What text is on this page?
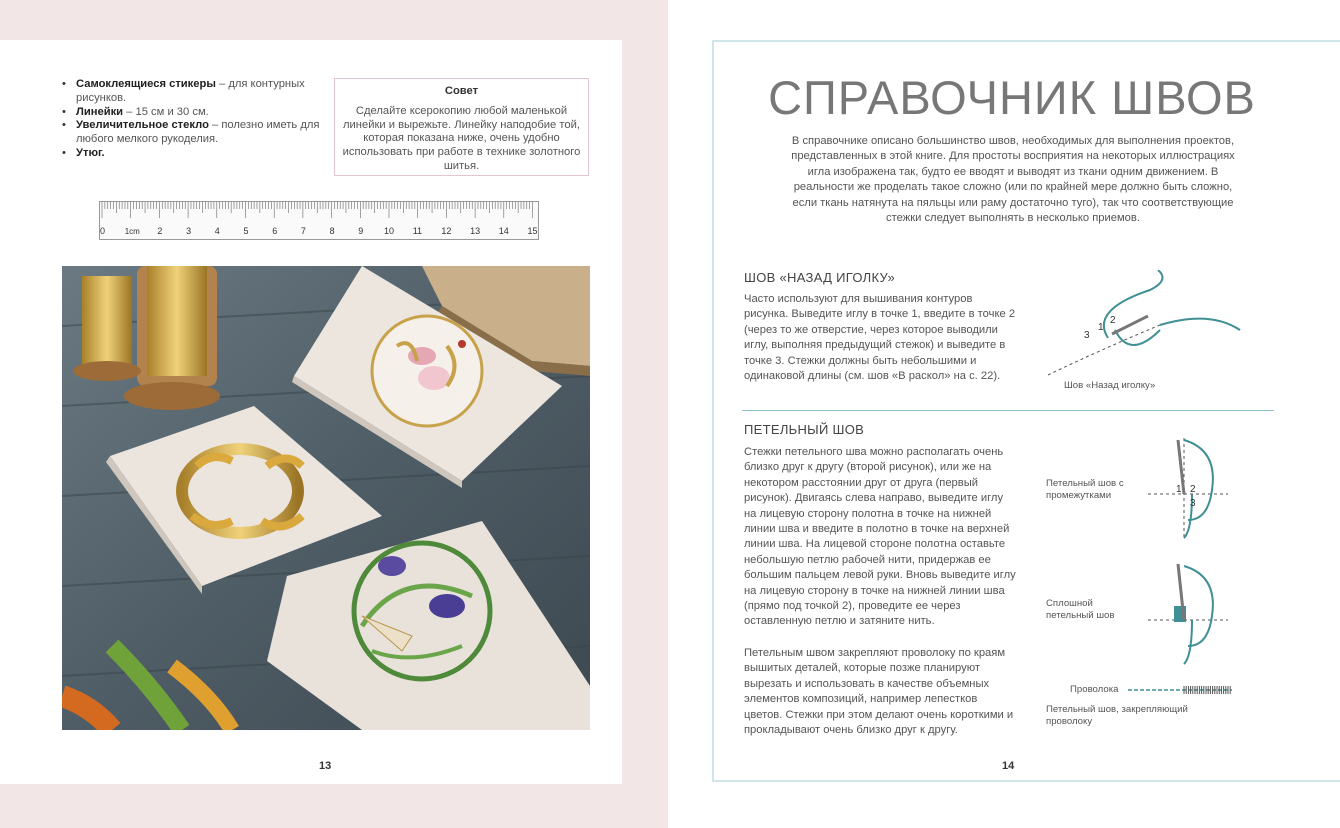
• Самоклеящиеся стикеры – для контурных рисунков.
• Линейки – 15 см и 30 см.
• Увеличительное стекло – полезно иметь для любого мелкого рукоделия.
• Утюг.
Совет
Сделайте ксерокопию любой маленькой линейки и вырежьте. Линейку наподобие той, которая показана ниже, очень удобно использовать при работе в технике золотного шитья.
0	2	3	4	5	6	7	8	9 10 11 12 13 14 15
1cm
13
СПРАВОЧНИК ШВОВ
В справочнике описано большинство швов, необходимых для выполнения проектов, представленных в этой книге. Для простоты восприятия на некоторых иллюстрациях игла изображена так, будто ее вводят и выводят из ткани одним движением. В реальности же проделать такое сложно (или по крайней мере должно быть сложно, если ткань натянута на пяльцы или раму достаточно туго), так что соответствующие стежки следует выполнять в несколько приемов.
ШОВ «НАЗАД ИГОЛКУ»
Часто используют для вышивания контуров рисунка. Выведите иглу в точке 1, введите в точке 2 (через то же отверстие, через которое выводили иглу, выполняя предыдущий стежок) и выведите в точке 3. Стежки должны быть небольшими и одинаковой длины (см. шов «В раскол» на с. 22).
3
1
2
Шов «Назад иголку»
ПЕТЕЛЬНЫЙ ШОВ
Стежки петельного шва можно располагать очень близко друг к другу (второй рисунок), или же на некотором расстоянии друг от друга (первый рисунок). Двигаясь слева направо, выведите иглу на лицевую сторону полотна в точке на нижней линии шва и введите в полотно в точке на верхней линии шва. На лицевой стороне полотна оставьте небольшую петлю рабочей нити, придержав ее большим пальцем левой руки. Вновь выведите иглу на лицевую сторону в точке на нижней линии шва (прямо под точкой 2), проведите ее через оставленную петлю и затяните нить.
Петельным швом закрепляют проволоку по краям вышитых деталей, которые позже планируют вырезать и использовать в качестве объемных элементов композиций, например лепестков цветов. Стежки при этом делают очень короткими и прокладывают очень близко друг к другу.
Петельный шов с промежутками
1 2
3
Сплошной петельный шов
Проволока
Петельный шов, закрепляющий проволоку
14
